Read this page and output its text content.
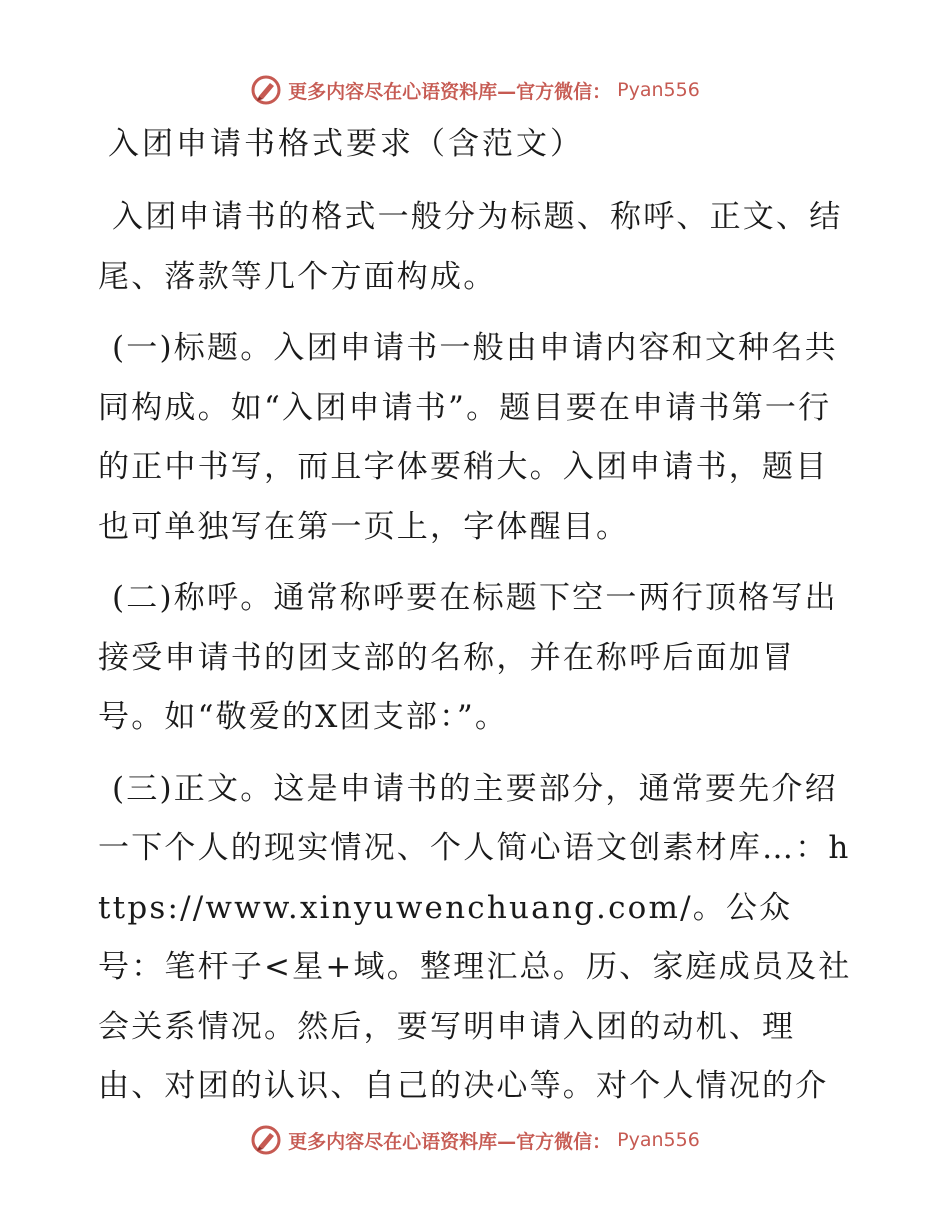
更多内容尽在心语资料库—官方微信： Pyan556
入团申请书格式要求（含范文）

入团申请书的格式一般分为标题、称呼、正文、结尾、落款等几个方面构成。

(一)标题。入团申请书一般由申请内容和文种名共同构成。如“入团申请书”。题目要在申请书第一行的正中书写，而且字体要稍大。入团申请书，题目也可单独写在第一页上，字体醒目。

(二)称呼。通常称呼要在标题下空一两行顶格写出接受申请书的团支部的名称，并在称呼后面加冒号。如“敬爱的X团支部：”。

(三)正文。这是申请书的主要部分，通常要先介绍一下个人的现实情况、个人简心语文创素材库…：https://www.xinyuwenchuang.com/。公众号：笔杆子<星+域。整理汇总。历、家庭成员及社会关系情况。然后，要写明申请入团的动机、理由、对团的认识、自己的决心等。对个人情况的介

更多内容尽在心语资料库—官方微信： Pyan556
